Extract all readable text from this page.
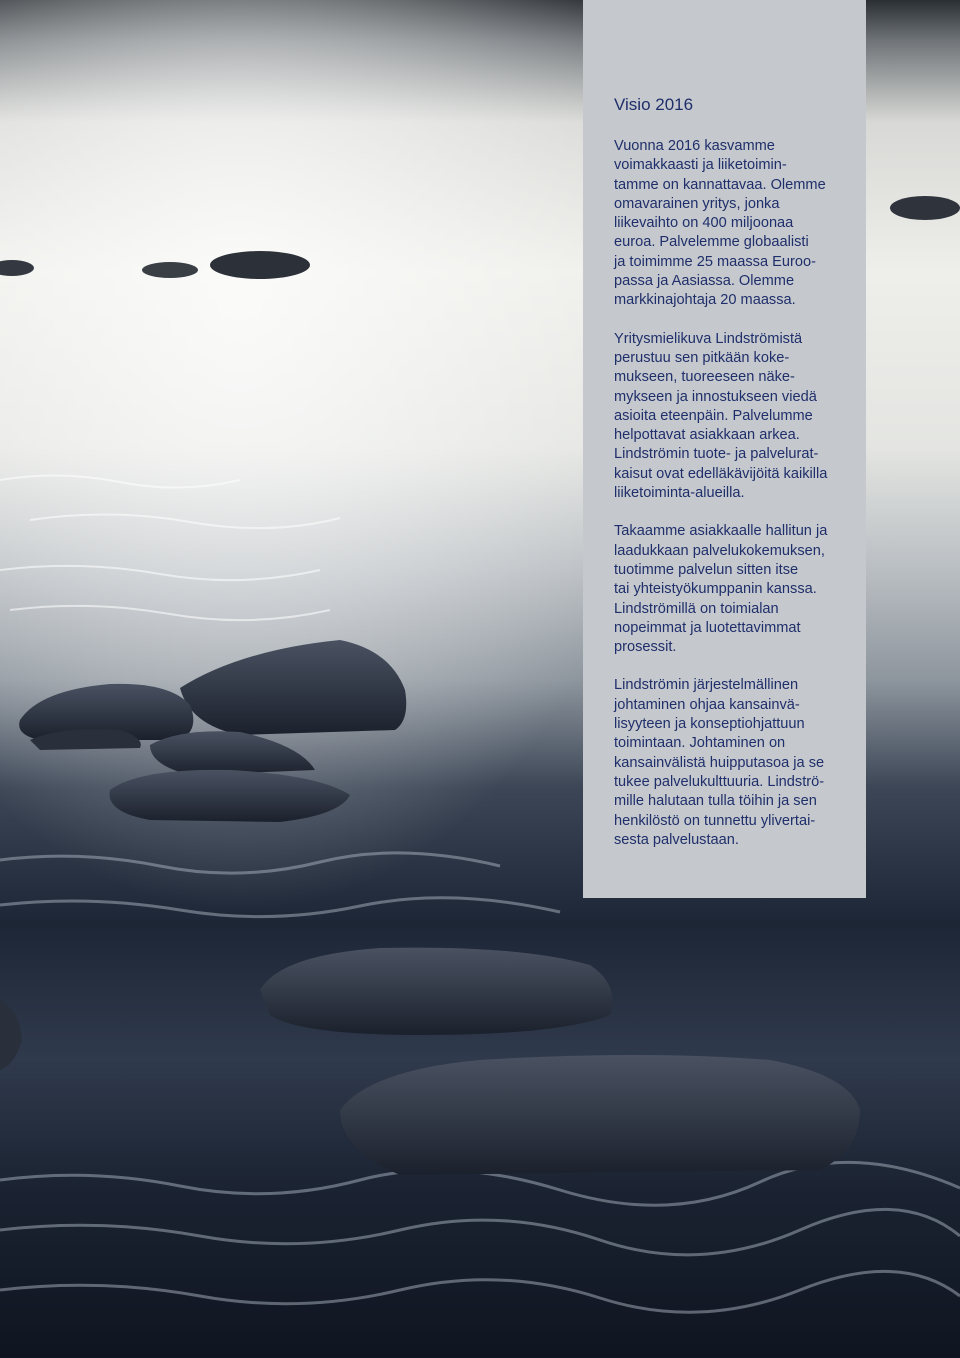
Visio 2016

Vuonna 2016 kasvamme
voimakkaasti ja liiketoimin-
tamme on kannattavaa. Olemme
omavarainen yritys, jonka
liikevaihto on 400 miljoonaa
euroa. Palvelemme globaalisti
ja toimimme 25 maassa Euroo-
passa ja Aasiassa. Olemme
markkinajohtaja 20 maassa.

Yritysmielikuva Lindströmistä
perustuu sen pitkään koke-
mukseen, tuoreeseen näke-
mykseen ja innostukseen viedä
asioita eteenpäin. Palvelumme
helpottavat asiakkaan arkea.
Lindströmin tuote- ja palvelurat-
kaisut ovat edelläkävijöitä kaikilla
liiketoiminta-alueilla.

Takaamme asiakkaalle hallitun ja
laadukkaan palvelukokemuksen,
tuotimme palvelun sitten itse
tai yhteistyökumppanin kanssa.
Lindströmillä on toimialan
nopeimmat ja luotettavimmat
prosessit.

Lindströmin järjestelmällinen
johtaminen ohjaa kansainvä-
lisyyteen ja konseptiohjattuun
toimintaan. Johtaminen on
kansainvälistä huipputasoa ja se
tukee palvelukulttuuria. Lindströ-
mille halutaan tulla töihin ja sen
henkilöstö on tunnettu ylivertai-
sesta palvelustaan.
